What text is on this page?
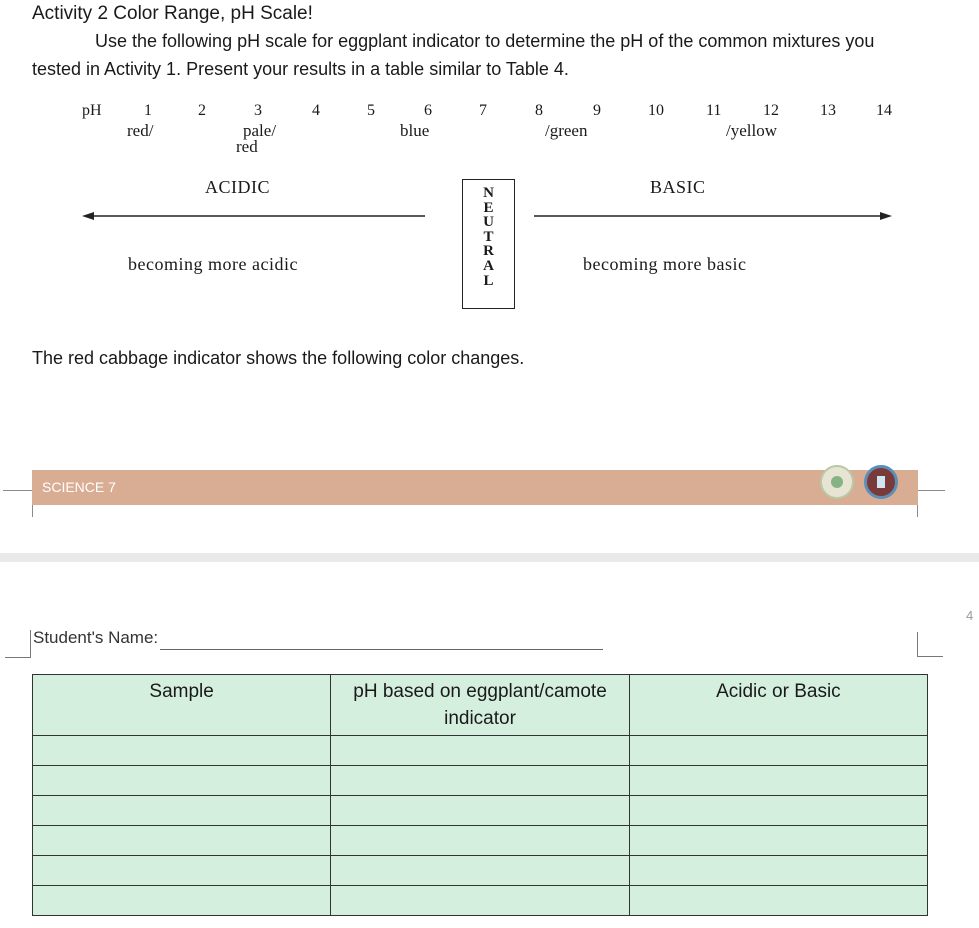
Activity 2 Color Range, pH Scale!
Use the following pH scale for eggplant indicator to determine the pH of the common mixtures you
tested in Activity 1. Present your results in a table similar to Table 4.
pH	1	2	3	4	5	6	7	8	9	10	11	12	13	14
red/	pale/
red
blue	/green	/yellow
ACIDIC	BASIC
becoming more acidic	becoming more basic
N
E
U
T
R
A
L
The red cabbage indicator shows the following color changes.
SCIENCE 7
4
Student's Name:
Sample	pH based on eggplant/camote indicator	Acidic or Basic
